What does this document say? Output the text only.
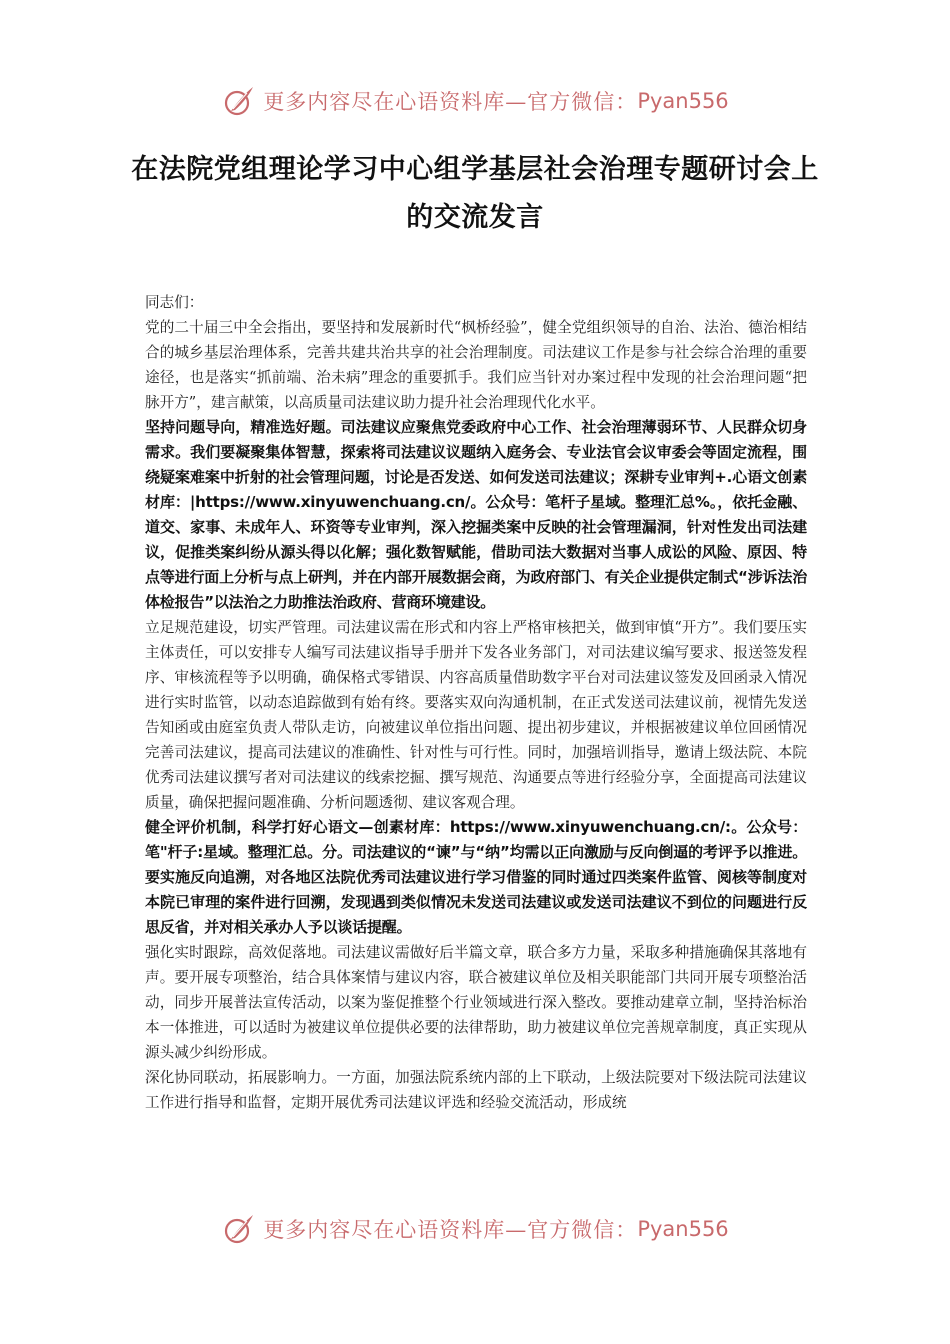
更多内容尽在心语资料库—官方微信： Pyan556
在法院党组理论学习中心组学基层社会治理专题研讨会上的交流发言

同志们：

党的二十届三中全会指出，要坚持和发展新时代“枫桥经验”，健全党组织领导的自治、法治、德治相结合的城乡基层治理体系，完善共建共治共享的社会治理制度。司法建议工作是参与社会综合治理的重要途径，也是落实“抓前端、治未病”理念的重要抓手。我们应当针对办案过程中发现的社会治理问题“把脉开方”，建言献策，以高质量司法建议助力提升社会治理现代化水平。

坚持问题导向，精准选好题。司法建议应聚焦党委政府中心工作、社会治理薄弱环节、人民群众切身需求。我们要凝聚集体智慧，探索将司法建议议题纳入庭务会、专业法官会议审委会等固定流程，围绕疑案难案中折射的社会管理问题，讨论是否发送、如何发送司法建议；深耕专业审判+.心语文创素材库：|https://www.xinyuwenchuang.cn/。公众号：笔杆子星域。整理汇总%。，依托金融、道交、家事、未成年人、环资等专业审判，深入挖掘类案中反映的社会管理漏洞，针对性发出司法建议，促推类案纠纷从源头得以化解；强化数智赋能，借助司法大数据对当事人成讼的风险、原因、特点等进行面上分析与点上研判，并在内部开展数据会商，为政府部门、有关企业提供定制式“涉诉法治体检报告”以法治之力助推法治政府、营商环境建设。

立足规范建设，切实严管理。司法建议需在形式和内容上严格审核把关，做到审慎“开方”。我们要压实主体责任，可以安排专人编写司法建议指导手册并下发各业务部门，对司法建议编写要求、报送签发程序、审核流程等予以明确，确保格式零错误、内容高质量借助数字平台对司法建议签发及回函录入情况进行实时监管，以动态追踪做到有始有终。要落实双向沟通机制，在正式发送司法建议前，视情先发送告知函或由庭室负责人带队走访，向被建议单位指出问题、提出初步建议，并根据被建议单位回函情况完善司法建议，提高司法建议的准确性、针对性与可行性。同时，加强培训指导，邀请上级法院、本院优秀司法建议撰写者对司法建议的线索挖掘、撰写规范、沟通要点等进行经验分享，全面提高司法建议质量，确保把握问题准确、分析问题透彻、建议客观合理。

健全评价机制，科学打好心语文—创素材库：https://www.xinyuwenchuang.cn/:。公众号：笔"杆子:星域。整理汇总。分。司法建议的“谏”与“纳”均需以正向激励与反向倒逼的考评予以推进。要实施反向追溯，对各地区法院优秀司法建议进行学习借鉴的同时通过四类案件监管、阅核等制度对本院已审理的案件进行回溯，发现遇到类似情况未发送司法建议或发送司法建议不到位的问题进行反思反省，并对相关承办人予以谈话提醒。

强化实时跟踪，高效促落地。司法建议需做好后半篇文章，联合多方力量，采取多种措施确保其落地有声。要开展专项整治，结合具体案情与建议内容，联合被建议单位及相关职能部门共同开展专项整治活动，同步开展普法宣传活动，以案为鉴促推整个行业领域进行深入整改。要推动建章立制，坚持治标治本一体推进，可以适时为被建议单位提供必要的法律帮助，助力被建议单位完善规章制度，真正实现从源头减少纠纷形成。

深化协同联动，拓展影响力。一方面，加强法院系统内部的上下联动，上级法院要对下级法院司法建议工作进行指导和监督，定期开展优秀司法建议评选和经验交流活动，形成统

更多内容尽在心语资料库—官方微信： Pyan556
